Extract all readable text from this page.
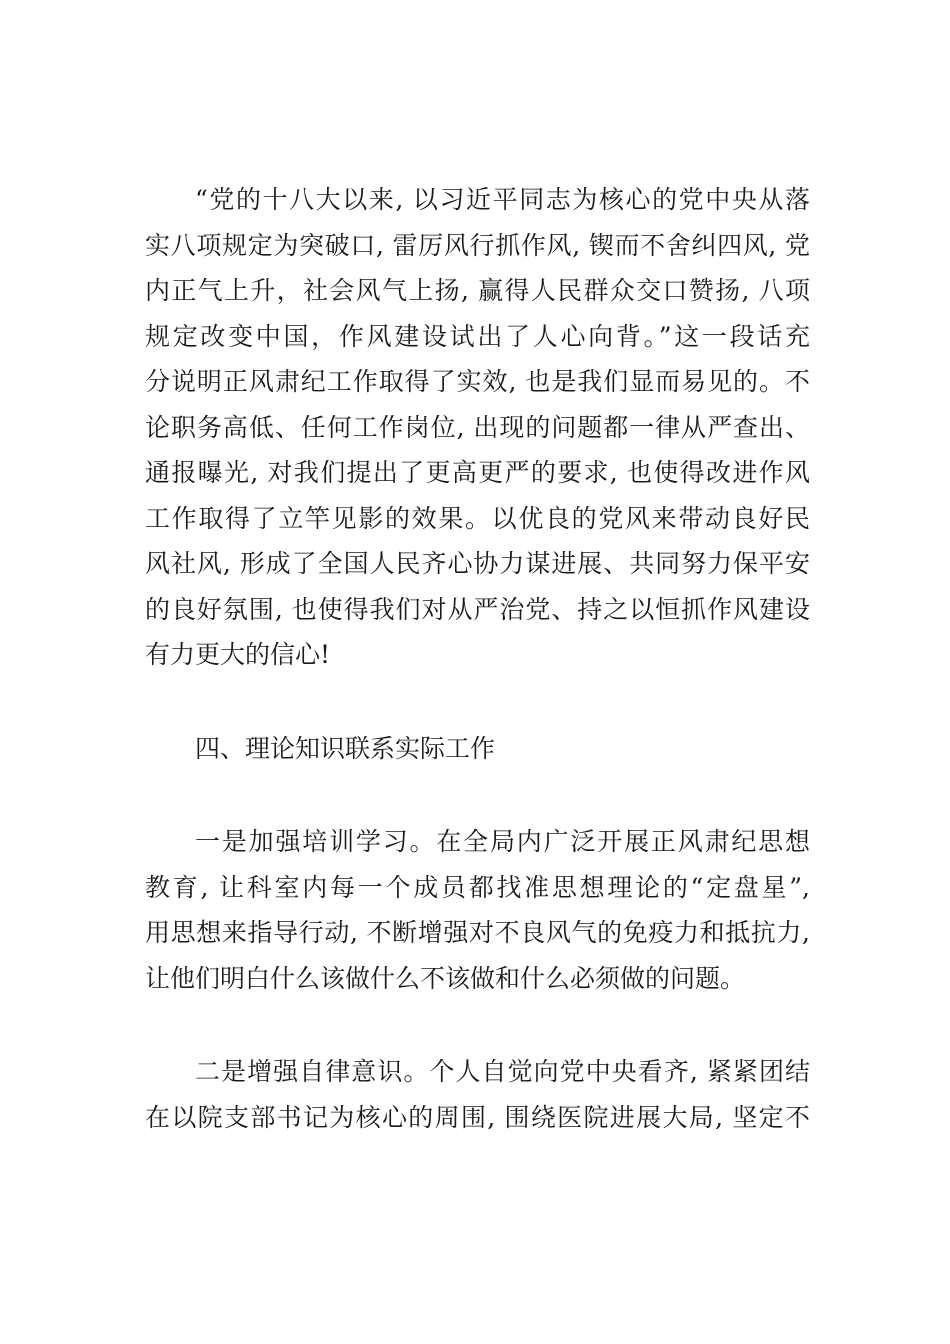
“党的十八大以来, 以习近平同志为核心的党中央从落
实八项规定为突破口, 雷厉风行抓作风, 锲而不舍纠四风, 党
内正气上升，社会风气上扬, 赢得人民群众交口赞扬, 八项
规定改变中国，作风建设试出了人心向背。”这一段话充
分说明正风肃纪工作取得了实效, 也是我们显而易见的。不
论职务高低、任何工作岗位, 出现的问题都一律从严查出、
通报曝光, 对我们提出了更高更严的要求, 也使得改进作风
工作取得了立竿见影的效果。以优良的党风来带动良好民
风社风, 形成了全国人民齐心协力谋进展、共同努力保平安
的良好氛围, 也使得我们对从严治党、持之以恒抓作风建设
有力更大的信心!
四、理论知识联系实际工作
一是加强培训学习。在全局内广泛开展正风肃纪思想
教育, 让科室内每一个成员都找准思想理论的“定盘星”,
用思想来指导行动, 不断增强对不良风气的免疫力和抵抗力,
让他们明白什么该做什么不该做和什么必须做的问题。
二是增强自律意识。个人自觉向党中央看齐, 紧紧团结
在以院支部书记为核心的周围, 围绕医院进展大局, 坚定不
